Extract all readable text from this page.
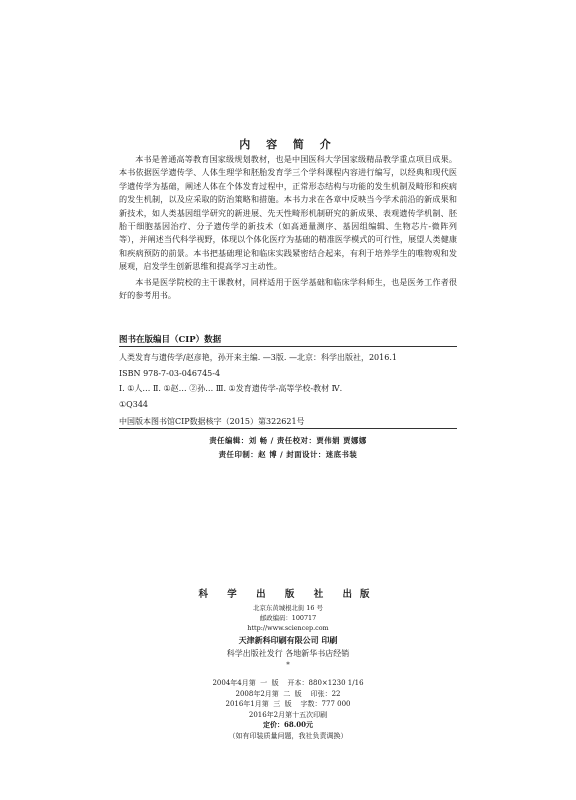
内 容 简 介

本书是普通高等教育国家级规划教材，也是中国医科大学国家级精品教学重点项目成果。本书依据医学遗传学、人体生理学和胚胎发育学三个学科课程内容进行编写，以经典和现代医学遗传学为基础，阐述人体在个体发育过程中，正常形态结构与功能的发生机制及畸形和疾病的发生机制，以及应采取的防治策略和措施。本书力求在各章中反映当今学术前沿的新成果和新技术，如人类基因组学研究的新进展、先天性畸形机制研究的新成果、表观遗传学机制、胚胎干细胞基因治疗、分子遗传学的新技术（如高通量测序、基因组编辑、生物芯片-微阵列等），并阐述当代科学视野，体现以个体化医疗为基础的精准医学模式的可行性，展望人类健康和疾病预防的前景。本书把基础理论和临床实践紧密结合起来，有利于培养学生的唯物观和发展观，启发学生创新思维和提高学习主动性。

本书是医学院校的主干课教材，同样适用于医学基础和临床学科师生，也是医务工作者很好的参考用书。

图书在版编目（CIP）数据
人类发育与遗传学/赵彦艳，孙开来主编. —3版. —北京：科学出版社，2016.1
ISBN 978-7-03-046745-4
Ⅰ. ①人… Ⅱ. ①赵… ②孙… Ⅲ. ①发育遗传学-高等学校-教材 Ⅳ.
①Q344
中国版本图书馆CIP数据核字（2015）第322621号
责任编辑：刘 畅 / 责任校对：贾伟娟 贾娜娜
责任印制：赵 博 / 封面设计：迷底书装
科 学 出 版 社 出版
北京东黄城根北街 16 号
邮政编码：100717
http://www.sciencep.com
天津新科印刷有限公司 印刷
科学出版社发行 各地新华书店经销
*
2004年4月第  一  版    开本：880×1230 1/16
2008年2月第  二  版    印张：22
2016年1月第  三  版    字数：777 000
2016年2月第十五次印刷
定价：68.00元
（如有印装质量问题，我社负责调换）
